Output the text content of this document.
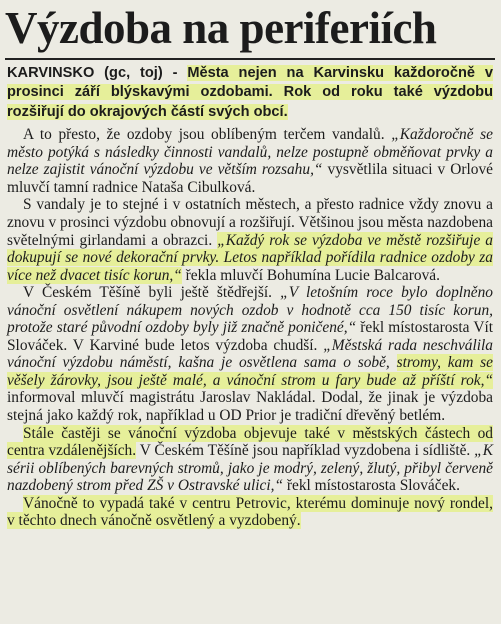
Výzdoba na periferiích

KARVINSKO (gc, toj) - Města nejen na Karvinsku každoročně v prosinci září blýskavými ozdobami. Rok od roku také výzdobu rozšiřují do okrajových částí svých obcí.

A to přesto, že ozdoby jsou oblíbeným terčem vandalů. „Každoročně se město potýká s následky činnosti vandalů, nelze postupně obměňovat prvky a nelze zajistit vánoční výzdobu ve větším rozsahu,“ vysvětlila situaci v Orlové mluvčí tamní radnice Nataša Cibulková.

S vandaly je to stejné i v ostatních městech, a přesto radnice vždy znovu a znovu v prosinci výzdobu obnovují a rozšiřují. Většinou jsou města nazdobena světelnými girlandami a obrazci. „Každý rok se výzdoba ve městě rozšiřuje a dokupují se nové dekorační prvky. Letos například pořídila radnice ozdoby za více než dvacet tisíc korun,“ řekla mluvčí Bohumína Lucie Balcarová.

V Českém Těšíně byli ještě štědřejší. „V letošním roce bylo doplněno vánoční osvětlení nákupem nových ozdob v hodnotě cca 150 tisíc korun, protože staré původní ozdoby byly již značně poničené,“ řekl místostarosta Vít Slováček. V Karviné bude letos výzdoba chudší. „Městská rada neschválila vánoční výzdobu náměstí, kašna je osvětlena sama o sobě, stromy, kam se věšely žárovky, jsou ještě malé, a vánoční strom u fary bude až příští rok,“ informoval mluvčí magistrátu Jaroslav Nakládal. Dodal, že jinak je výzdoba stejná jako každý rok, například u OD Prior je tradiční dřevěný betlém.

Stále častěji se vánoční výzdoba objevuje také v městských částech od centra vzdálenějších. V Českém Těšíně jsou například vyzdobena i sídliště. „K sérii oblíbených barevných stromů, jako je modrý, zelený, žlutý, přibyl červeně nazdobený strom před ZŠ v Ostravské ulici,“ řekl místostarosta Slováček.

Vánočně to vypadá také v centru Petrovic, kterému dominuje nový rondel, v těchto dnech vánočně osvětlený a vyzdobený.
